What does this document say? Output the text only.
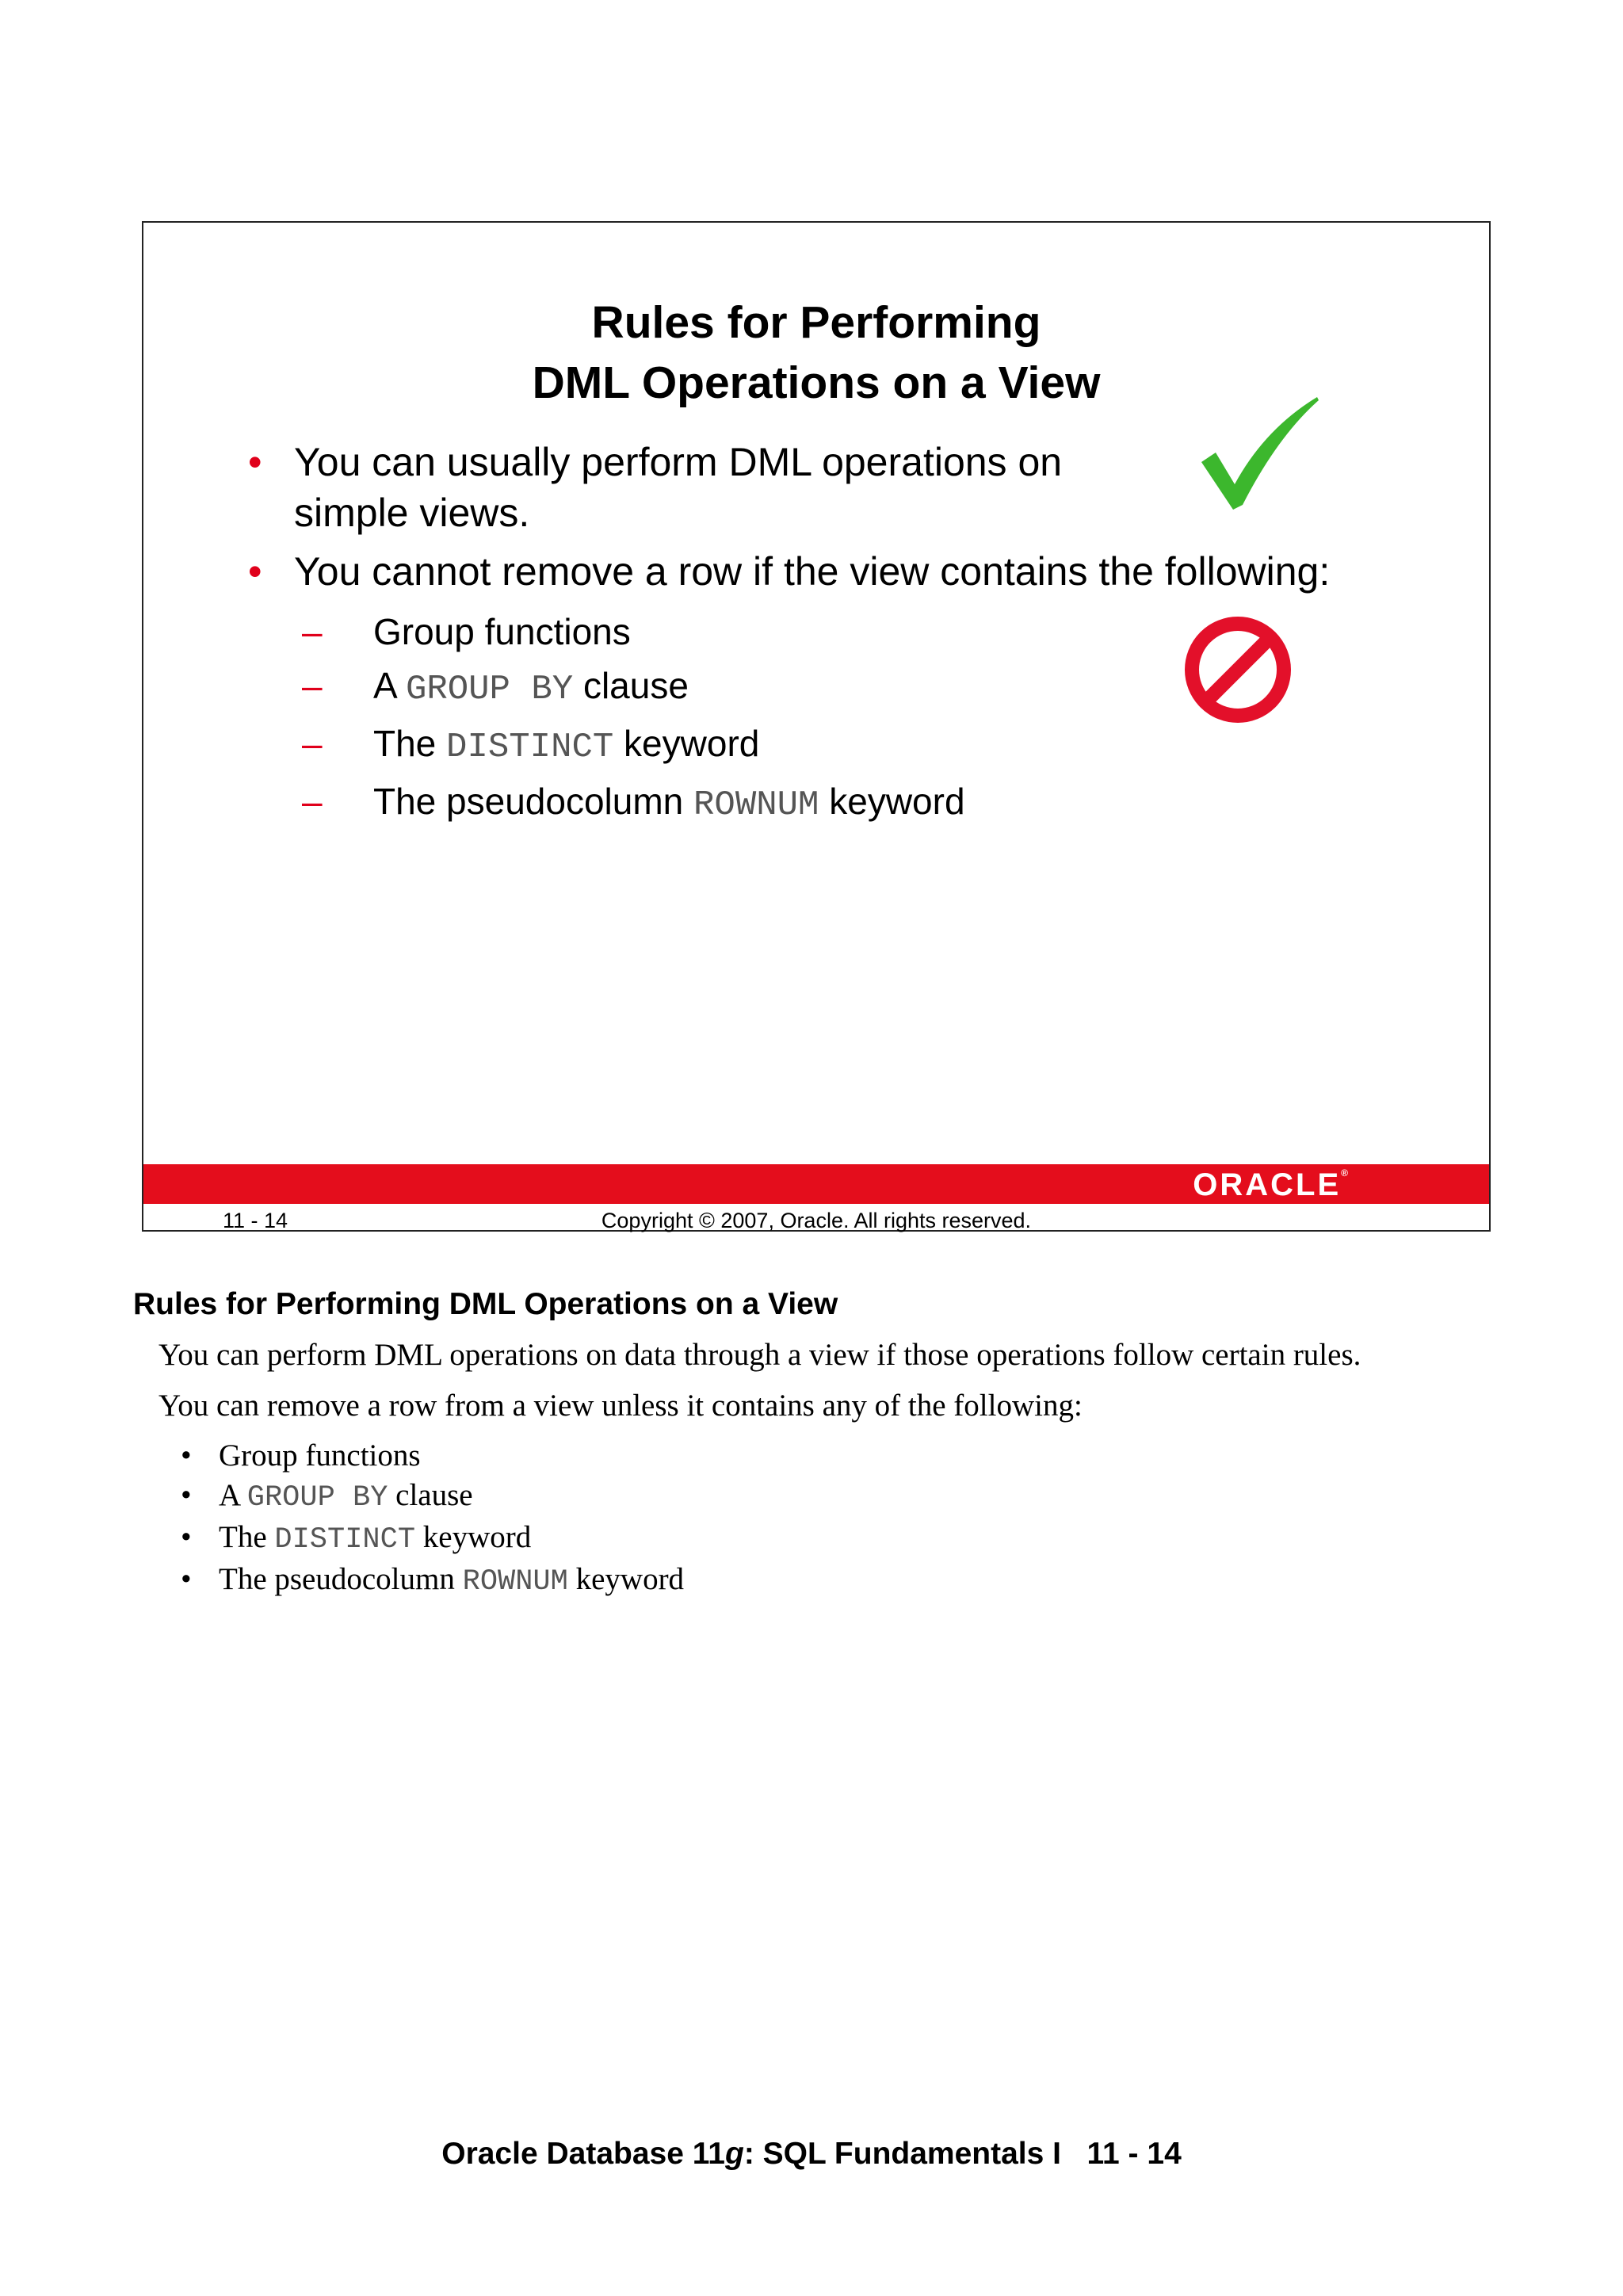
Rules for Performing
DML Operations on a View
• You can usually perform DML operations on simple views.
• You cannot remove a row if the view contains the following:
– Group functions
– A GROUP BY clause
– The DISTINCT keyword
– The pseudocolumn ROWNUM keyword
ORACLE®
11 - 14	Copyright © 2007, Oracle. All rights reserved.
Rules for Performing DML Operations on a View

You can perform DML operations on data through a view if those operations follow certain rules.

You can remove a row from a view unless it contains any of the following:

• Group functions
• A GROUP BY clause
• The DISTINCT keyword
• The pseudocolumn ROWNUM keyword
Oracle Database 11g: SQL Fundamentals I   11 - 14
